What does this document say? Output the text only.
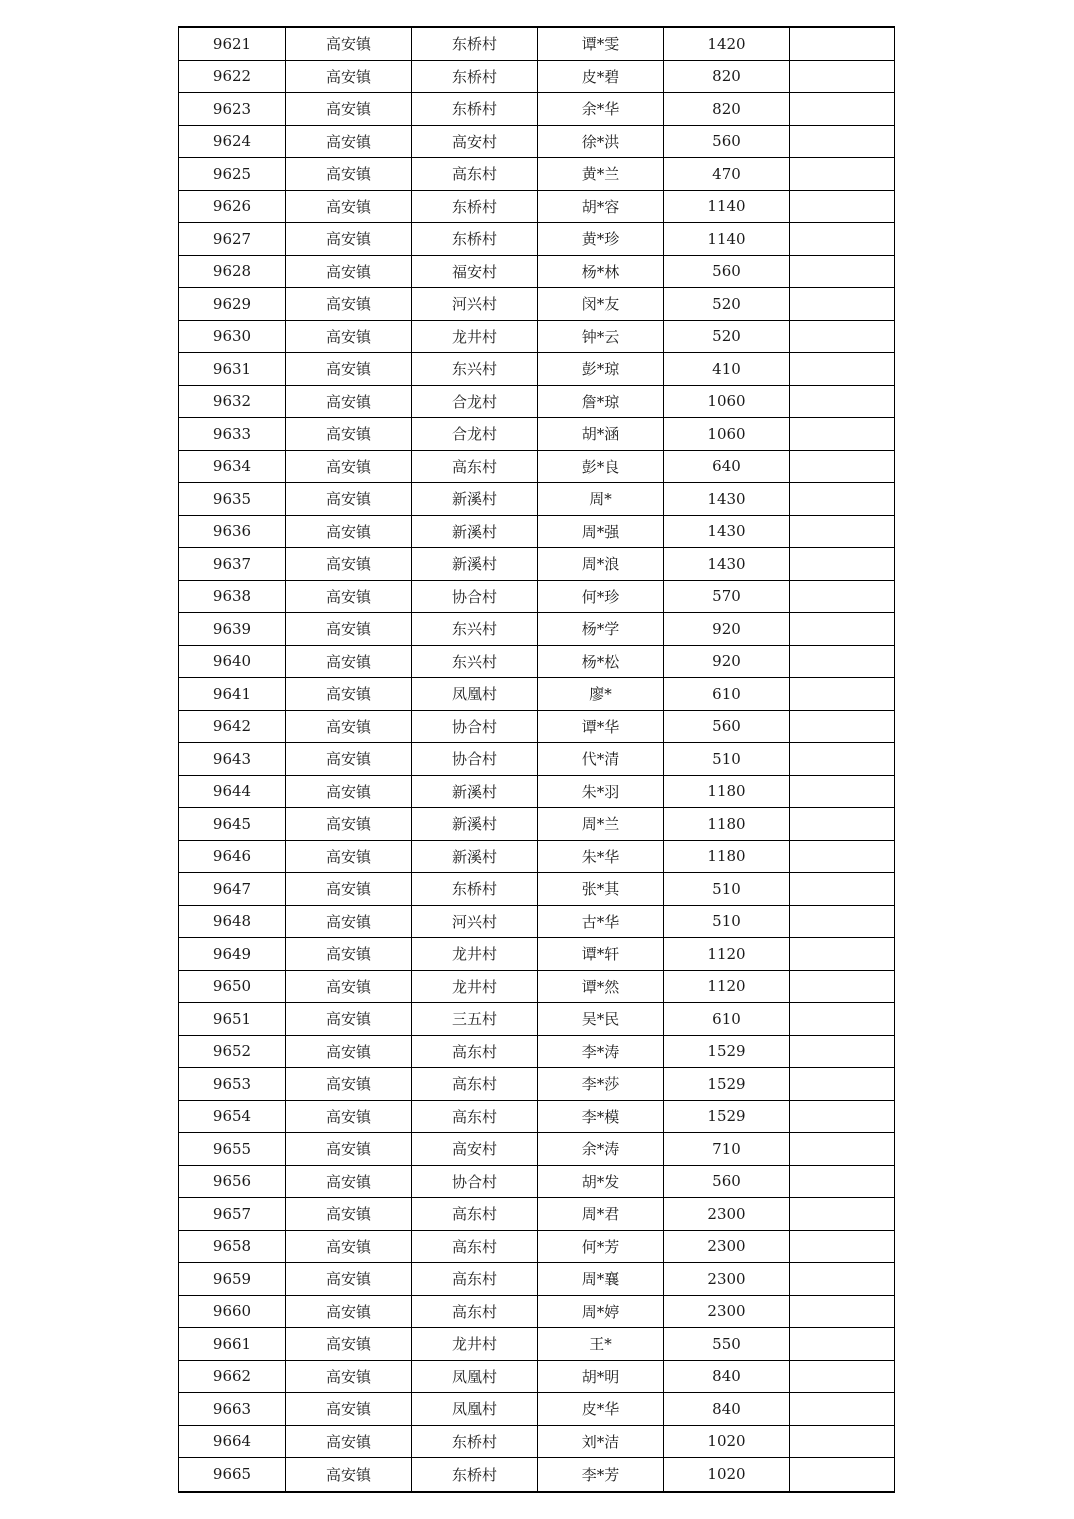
9621	高安镇	东桥村	谭*雯	1420
9622	高安镇	东桥村	皮*碧	820
9623	高安镇	东桥村	余*华	820
9624	高安镇	高安村	徐*洪	560
9625	高安镇	高东村	黄*兰	470
9626	高安镇	东桥村	胡*容	1140
9627	高安镇	东桥村	黄*珍	1140
9628	高安镇	福安村	杨*林	560
9629	高安镇	河兴村	闵*友	520
9630	高安镇	龙井村	钟*云	520
9631	高安镇	东兴村	彭*琼	410
9632	高安镇	合龙村	詹*琼	1060
9633	高安镇	合龙村	胡*涵	1060
9634	高安镇	高东村	彭*良	640
9635	高安镇	新溪村	周*	1430
9636	高安镇	新溪村	周*强	1430
9637	高安镇	新溪村	周*浪	1430
9638	高安镇	协合村	何*珍	570
9639	高安镇	东兴村	杨*学	920
9640	高安镇	东兴村	杨*松	920
9641	高安镇	凤凰村	廖*	610
9642	高安镇	协合村	谭*华	560
9643	高安镇	协合村	代*清	510
9644	高安镇	新溪村	朱*羽	1180
9645	高安镇	新溪村	周*兰	1180
9646	高安镇	新溪村	朱*华	1180
9647	高安镇	东桥村	张*其	510
9648	高安镇	河兴村	古*华	510
9649	高安镇	龙井村	谭*轩	1120
9650	高安镇	龙井村	谭*然	1120
9651	高安镇	三五村	吴*民	610
9652	高安镇	高东村	李*涛	1529
9653	高安镇	高东村	李*莎	1529
9654	高安镇	高东村	李*模	1529
9655	高安镇	高安村	余*涛	710
9656	高安镇	协合村	胡*发	560
9657	高安镇	高东村	周*君	2300
9658	高安镇	高东村	何*芳	2300
9659	高安镇	高东村	周*襄	2300
9660	高安镇	高东村	周*婷	2300
9661	高安镇	龙井村	王*	550
9662	高安镇	凤凰村	胡*明	840
9663	高安镇	凤凰村	皮*华	840
9664	高安镇	东桥村	刘*洁	1020
9665	高安镇	东桥村	李*芳	1020
